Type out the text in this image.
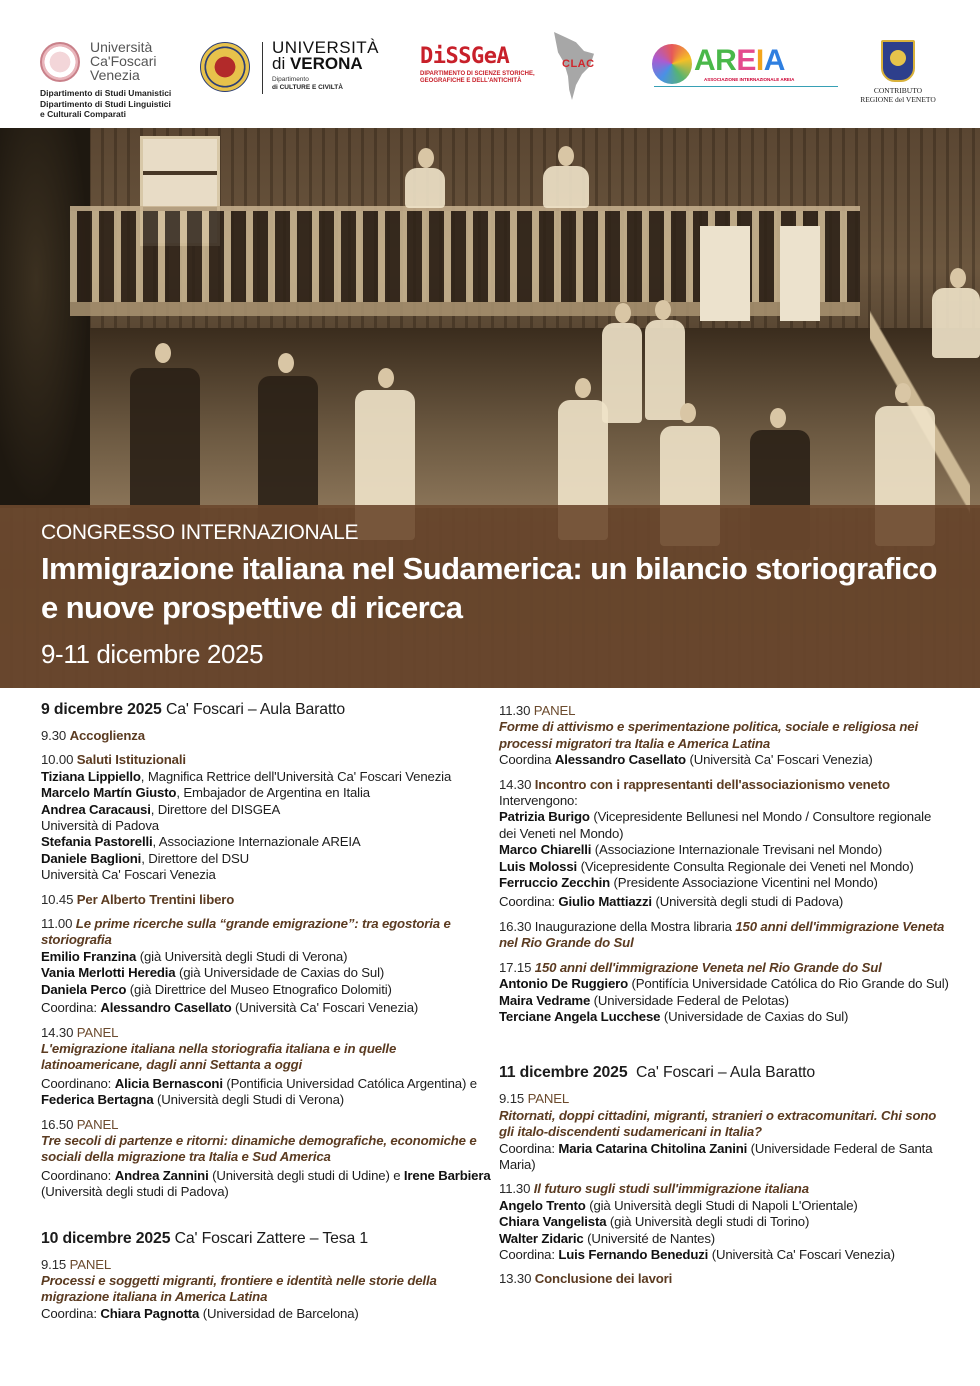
Università
Ca'Foscari
Venezia
Dipartimento di Studi Umanistici
Dipartimento di Studi Linguistici
e Culturali Comparati
UNIVERSITÀ
di VERONA
Dipartimento
di CULTURE E CIVILTÀ
DiSSGeA
DIPARTIMENTO DI SCIENZE STORICHE,
GEOGRAFICHE E DELL'ANTICHITÀ
CLAC	AREIA
ASSOCIAZIONE INTERNAZIONALE AREIA
CONTRIBUTO
REGIONE del VENETO
CONGRESSO INTERNAZIONALE
Immigrazione italiana nel Sudamerica: un bilancio storiografico e nuove prospettive di ricerca
9-11 dicembre 2025
9 dicembre 2025 Ca' Foscari – Aula Baratto
9.30 Accoglienza
10.00 Saluti Istituzionali
Tiziana Lippiello, Magnifica Rettrice dell'Università Ca' Foscari Venezia
Marcelo Martín Giusto, Embajador de Argentina en Italia
Andrea Caracausi, Direttore del DISGEA
Università di Padova
Stefania Pastorelli, Associazione Internazionale AREIA
Daniele Baglioni, Direttore del DSU
Università Ca' Foscari Venezia
10.45 Per Alberto Trentini libero
11.00 Le prime ricerche sulla “grande emigrazione”: tra egostoria e storiografia
Emilio Franzina (già Università degli Studi di Verona)
Vania Merlotti Heredia (già Universidade de Caxias do Sul)
Daniela Perco (già Direttrice del Museo Etnografico Dolomiti)
Coordina: Alessandro Casellato (Università Ca' Foscari Venezia)
14.30 PANEL
L'emigrazione italiana nella storiografia italiana e in quelle latinoamericane, dagli anni Settanta a oggi
Coordinano: Alicia Bernasconi (Pontificia Universidad Católica Argentina) e Federica Bertagna (Università degli Studi di Verona)
16.50 PANEL
Tre secoli di partenze e ritorni: dinamiche demografiche, economiche e sociali della migrazione tra Italia e Sud America
Coordinano: Andrea Zannini (Università degli studi di Udine) e Irene Barbiera (Università degli studi di Padova)
10 dicembre 2025 Ca' Foscari Zattere – Tesa 1
9.15 PANEL
Processi e soggetti migranti, frontiere e identità nelle storie della migrazione italiana in America Latina
Coordina: Chiara Pagnotta (Universidad de Barcelona)
11.30 PANEL
Forme di attivismo e sperimentazione politica, sociale e religiosa nei processi migratori tra Italia e America Latina
Coordina Alessandro Casellato (Università Ca' Foscari Venezia)
14.30 Incontro con i rappresentanti dell'associazionismo veneto
Intervengono:
Patrizia Burigo (Vicepresidente Bellunesi nel Mondo / Consultore regionale dei Veneti nel Mondo)
Marco Chiarelli (Associazione Internazionale Trevisani nel Mondo)
Luis Molossi (Vicepresidente Consulta Regionale dei Veneti nel Mondo)
Ferruccio Zecchin (Presidente Associazione Vicentini nel Mondo)
Coordina: Giulio Mattiazzi (Università degli studi di Padova)
16.30 Inaugurazione della Mostra libraria 150 anni dell'immigrazione Veneta nel Rio Grande do Sul
17.15 150 anni dell'immigrazione Veneta nel Rio Grande do Sul
Antonio De Ruggiero (Pontifícia Universidade Católica do Rio Grande do Sul)
Maira Vedrame (Universidade Federal de Pelotas)
Terciane Angela Lucchese (Universidade de Caxias do Sul)
11 dicembre 2025  Ca' Foscari – Aula Baratto
9.15 PANEL
Ritornati, doppi cittadini, migranti, stranieri o extracomunitari. Chi sono gli italo-discendenti sudamericani in Italia?
Coordina: Maria Catarina Chitolina Zanini (Universidade Federal de Santa Maria)
11.30 Il futuro sugli studi sull'immigrazione italiana
Angelo Trento (già Università degli Studi di Napoli L'Orientale)
Chiara Vangelista (già Università degli studi di Torino)
Walter Zidaric (Université de Nantes)
Coordina: Luis Fernando Beneduzi (Università Ca' Foscari Venezia)
13.30 Conclusione dei lavori
